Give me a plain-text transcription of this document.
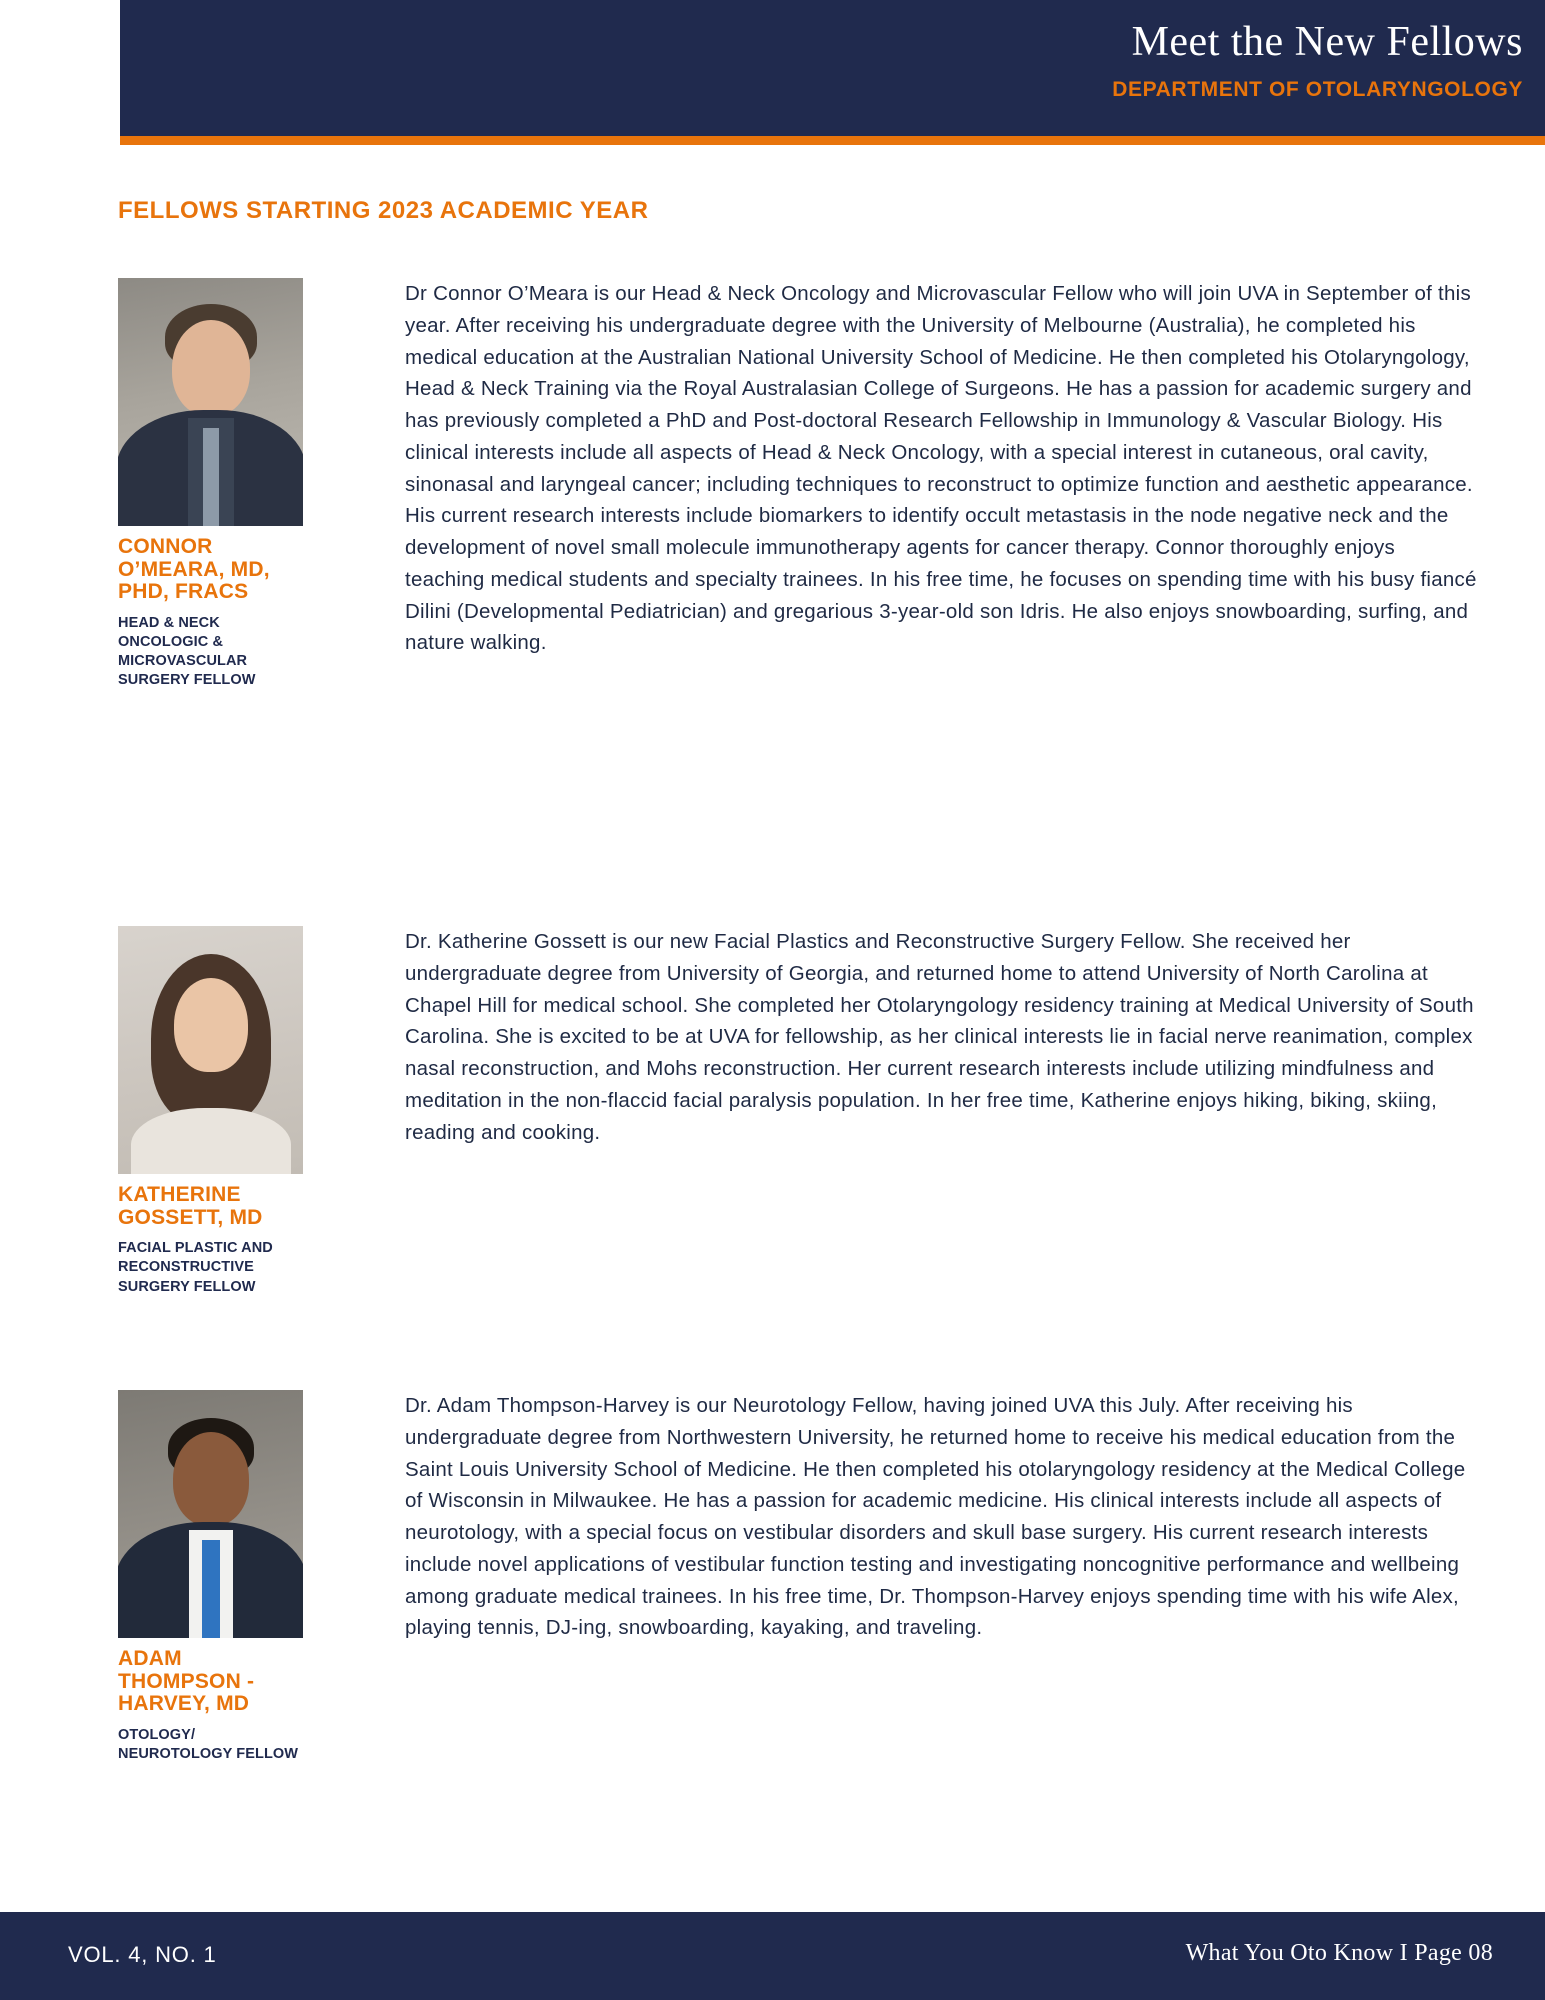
Meet the New Fellows
DEPARTMENT OF OTOLARYNGOLOGY
FELLOWS STARTING 2023 ACADEMIC YEAR
CONNOR O’MEARA, MD, PHD, FRACS
HEAD & NECK ONCOLOGIC & MICROVASCULAR SURGERY FELLOW
Dr Connor O’Meara is our Head & Neck Oncology and Microvascular Fellow who will join UVA in September of this year. After receiving his undergraduate degree with the University of Melbourne (Australia), he completed his medical education at the Australian National University School of Medicine. He then completed his Otolaryngology, Head & Neck Training via the Royal Australasian College of Surgeons. He has a passion for academic surgery and has previously completed a PhD and Post-doctoral Research Fellowship in Immunology & Vascular Biology. His clinical interests include all aspects of Head & Neck Oncology, with a special interest in cutaneous, oral cavity, sinonasal and laryngeal cancer; including techniques to reconstruct to optimize function and aesthetic appearance. His current research interests include biomarkers to identify occult metastasis in the node negative neck and the development of novel small molecule immunotherapy agents for cancer therapy. Connor thoroughly enjoys teaching medical students and specialty trainees. In his free time, he focuses on spending time with his busy fiancé Dilini (Developmental Pediatrician) and gregarious 3-year-old son Idris. He also enjoys snowboarding, surfing, and nature walking.
KATHERINE GOSSETT, MD
FACIAL PLASTIC AND RECONSTRUCTIVE SURGERY FELLOW
Dr. Katherine Gossett is our new Facial Plastics and Reconstructive Surgery Fellow. She received her undergraduate degree from University of Georgia, and returned home to attend University of North Carolina at Chapel Hill for medical school. She completed her Otolaryngology residency training at Medical University of South Carolina. She is excited to be at UVA for fellowship, as her clinical interests lie in facial nerve reanimation, complex nasal reconstruction, and Mohs reconstruction. Her current research interests include utilizing mindfulness and meditation in the non-flaccid facial paralysis population. In her free time, Katherine enjoys hiking, biking, skiing, reading and cooking.
ADAM THOMPSON - HARVEY, MD
OTOLOGY/ NEUROTOLOGY FELLOW
Dr. Adam Thompson-Harvey is our Neurotology Fellow, having joined UVA this July. After receiving his undergraduate degree from Northwestern University, he returned home to receive his medical education from the Saint Louis University School of Medicine. He then completed his otolaryngology residency at the Medical College of Wisconsin in Milwaukee. He has a passion for academic medicine. His clinical interests include all aspects of neurotology, with a special focus on vestibular disorders and skull base surgery. His current research interests include novel applications of vestibular function testing and investigating noncognitive performance and wellbeing among graduate medical trainees. In his free time, Dr. Thompson-Harvey enjoys spending time with his wife Alex, playing tennis, DJ-ing, snowboarding, kayaking, and traveling.
VOL. 4, NO. 1	What You Oto Know I Page 08
